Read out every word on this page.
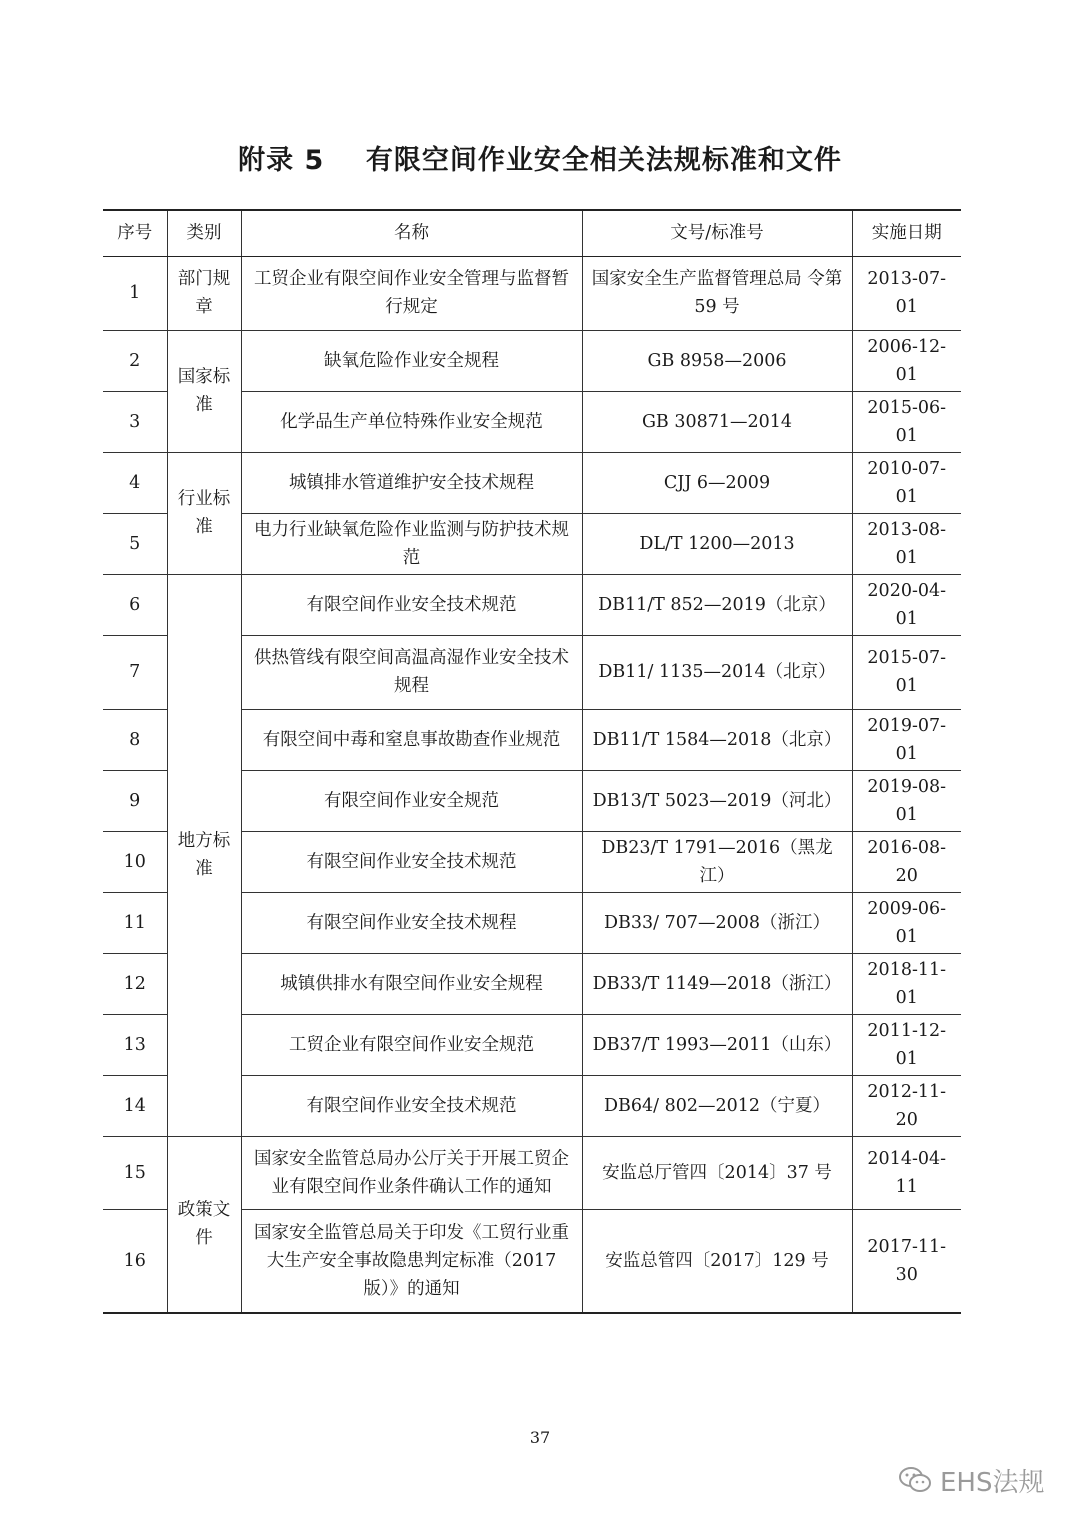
附录 5    有限空间作业安全相关法规标准和文件
序号	类别	名称	文号/标准号	实施日期
1	部门规章	工贸企业有限空间作业安全管理与监督暂行规定	国家安全生产监督管理总局 令第 59 号	2013-07-01
2	国家标准	缺氧危险作业安全规程	GB 8958—2006	2006-12-01
3		化学品生产单位特殊作业安全规范	GB 30871—2014	2015-06-01
4	行业标准	城镇排水管道维护安全技术规程	CJJ 6—2009	2010-07-01
5		电力行业缺氧危险作业监测与防护技术规范	DL/T 1200—2013	2013-08-01
6	地方标准	有限空间作业安全技术规范	DB11/T 852—2019（北京）	2020-04-01
7		供热管线有限空间高温高湿作业安全技术规程	DB11/ 1135—2014（北京）	2015-07-01
8		有限空间中毒和窒息事故勘查作业规范	DB11/T 1584—2018（北京）	2019-07-01
9		有限空间作业安全规范	DB13/T 5023—2019（河北）	2019-08-01
10		有限空间作业安全技术规范	DB23/T 1791—2016（黑龙江）	2016-08-20
11		有限空间作业安全技术规程	DB33/ 707—2008（浙江）	2009-06-01
12		城镇供排水有限空间作业安全规程	DB33/T 1149—2018（浙江）	2018-11-01
13		工贸企业有限空间作业安全规范	DB37/T 1993—2011（山东）	2011-12-01
14		有限空间作业安全技术规范	DB64/ 802—2012（宁夏）	2012-11-20
15	政策文件	国家安全监管总局办公厅关于开展工贸企业有限空间作业条件确认工作的通知	安监总厅管四〔2014〕37 号	2014-04-11
16		国家安全监管总局关于印发《工贸行业重大生产安全事故隐患判定标准（2017 版）》的通知	安监总管四〔2017〕129 号	2017-11-30
37
EHS法规
